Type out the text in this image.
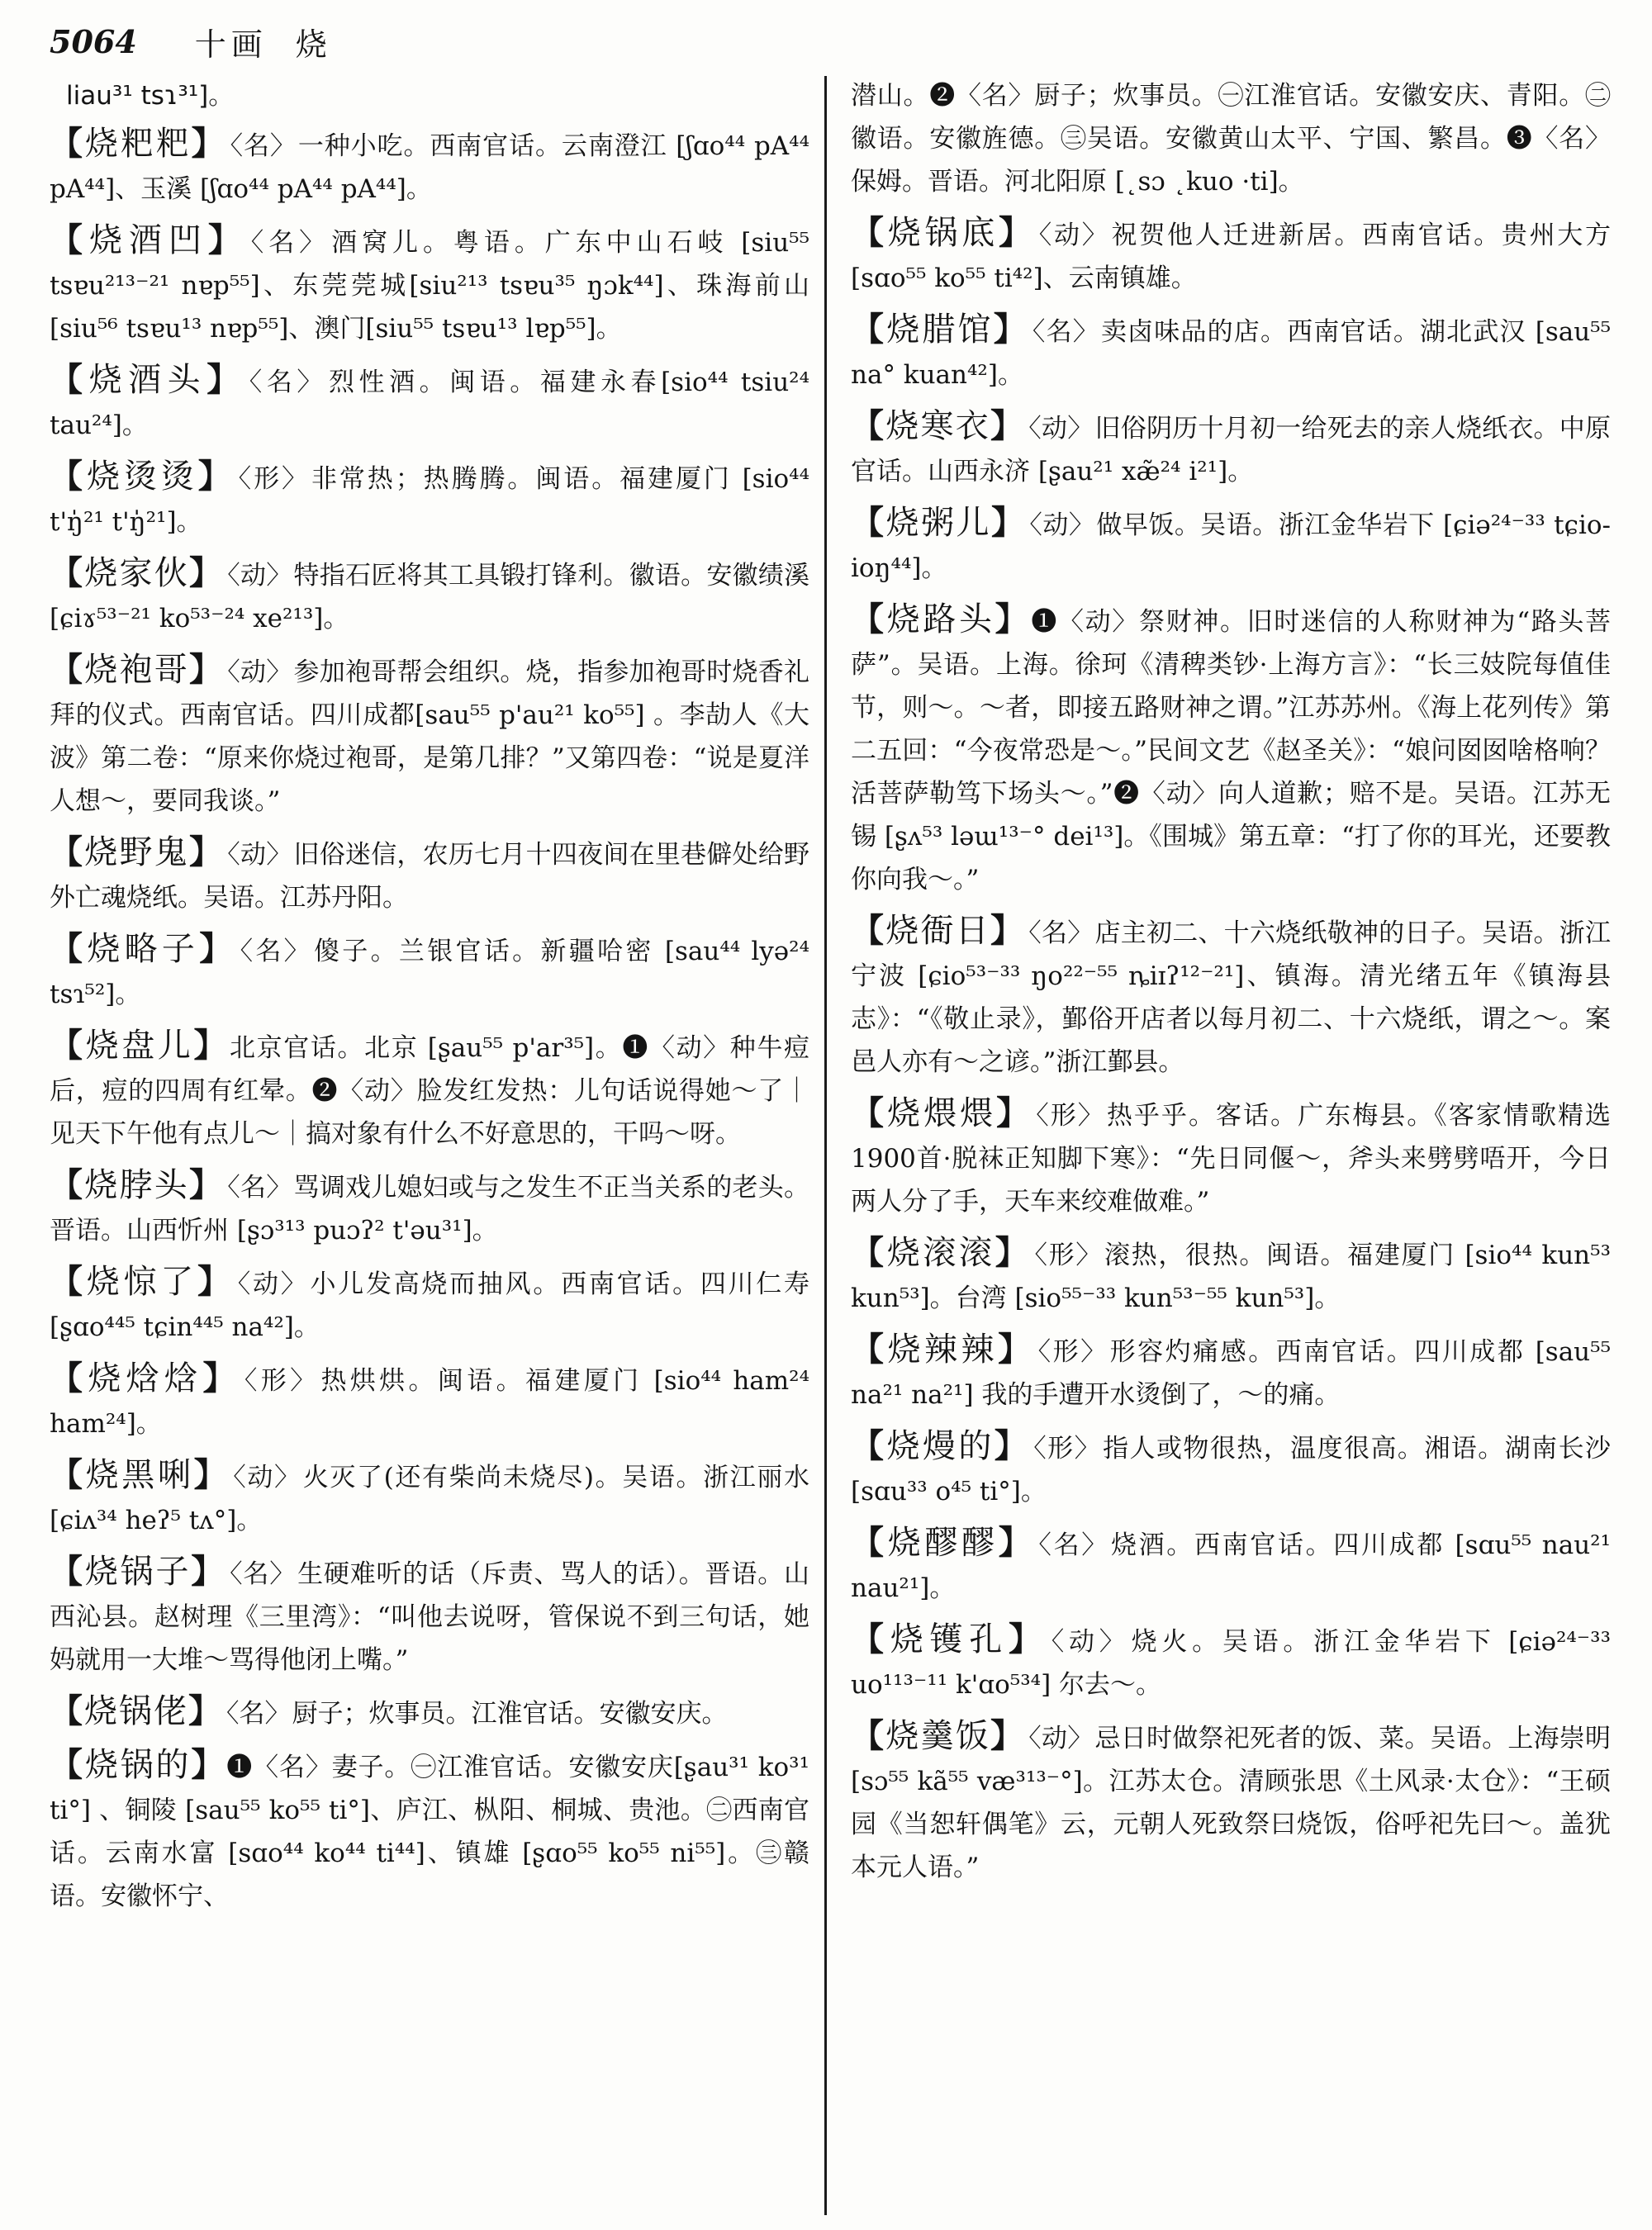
5064 十画 烧

liau³¹ tsɿ³¹]。

【烧粑粑】 〈名〉一种小吃。西南官话。云南澄江 [ʃɑo⁴⁴ pA⁴⁴ pA⁴⁴]、玉溪 [ʃɑo⁴⁴ pA⁴⁴ pA⁴⁴]。

【烧酒凹】 〈名〉酒窝儿。粤语。广东中山石岐 [siu⁵⁵ tsɐu²¹³⁻²¹ nɐp⁵⁵]、东莞莞城[siu²¹³ tsɐu³⁵ ŋɔk⁴⁴]、珠海前山 [siu⁵⁶ tsɐu¹³ nɐp⁵⁵]、澳门[siu⁵⁵ tsɐu¹³ lɐp⁵⁵]。

【烧酒头】 〈名〉烈性酒。闽语。福建永春[sio⁴⁴ tsiu²⁴ tau²⁴]。

【烧烫烫】 〈形〉非常热；热腾腾。闽语。福建厦门 [sio⁴⁴ t'ŋ̍²¹ t'ŋ̍²¹]。

【烧家伙】 〈动〉特指石匠将其工具锻打锋利。徽语。安徽绩溪 [ɕiɤ⁵³⁻²¹ ko⁵³⁻²⁴ xe²¹³]。

【烧袍哥】 〈动〉参加袍哥帮会组织。烧，指参加袍哥时烧香礼拜的仪式。西南官话。四川成都[sau⁵⁵ p'au²¹ ko⁵⁵] 。李劼人《大波》第二卷：“原来你烧过袍哥，是第几排？”又第四卷：“说是夏洋人想～，要同我谈。”

【烧野鬼】 〈动〉旧俗迷信，农历七月十四夜间在里巷僻处给野外亡魂烧纸。吴语。江苏丹阳。

【烧略子】 〈名〉傻子。兰银官话。新疆哈密 [sau⁴⁴ lyə²⁴ tsɿ⁵²]。

【烧盘儿】北京官话。北京 [ʂau⁵⁵ p'ar³⁵]。❶〈动〉种牛痘后，痘的四周有红晕。❷〈动〉脸发红发热：儿句话说得她～了｜见天下午他有点儿～｜搞对象有什么不好意思的，干吗～呀。

【烧脖头】 〈名〉骂调戏儿媳妇或与之发生不正当关系的老头。晋语。山西忻州 [ʂɔ³¹³ puɔʔ² t'əu³¹]。

【烧惊了】 〈动〉小儿发高烧而抽风。西南官话。四川仁寿 [ʂɑo⁴⁴⁵ tɕin⁴⁴⁵ na⁴²]。

【烧焓焓】 〈形〉热烘烘。闽语。福建厦门 [sio⁴⁴ ham²⁴ ham²⁴]。

【烧黑唎】 〈动〉火灭了(还有柴尚未烧尽)。吴语。浙江丽水 [ɕiʌ³⁴ heʔ⁵ tʌ°]。

【烧锅子】 〈名〉生硬难听的话（斥责、骂人的话）。晋语。山西沁县。赵树理《三里湾》：“叫他去说呀，管保说不到三句话，她妈就用一大堆～骂得他闭上嘴。”

【烧锅佬】 〈名〉厨子；炊事员。江淮官话。安徽安庆。

【烧锅的】❶〈名〉妻子。㊀江淮官话。安徽安庆[ʂau³¹ ko³¹ ti°] 、铜陵 [sau⁵⁵ ko⁵⁵ ti°]、庐江、枞阳、桐城、贵池。㊁西南官话。云南水富 [sɑo⁴⁴ ko⁴⁴ ti⁴⁴]、镇雄 [ʂɑo⁵⁵ ko⁵⁵ ni⁵⁵]。㊂赣语。安徽怀宁、

潜山。❷〈名〉厨子；炊事员。㊀江淮官话。安徽安庆、青阳。㊁徽语。安徽旌德。㊂吴语。安徽黄山太平、宁国、繁昌。❸〈名〉保姆。晋语。河北阳原 [˛sɔ ˛kuo ·ti]。

【烧锅底】 〈动〉祝贺他人迁进新居。西南官话。贵州大方 [sɑo⁵⁵ ko⁵⁵ ti⁴²]、云南镇雄。

【烧腊馆】 〈名〉卖卤味品的店。西南官话。湖北武汉 [sau⁵⁵ na° kuan⁴²]。

【烧寒衣】 〈动〉旧俗阴历十月初一给死去的亲人烧纸衣。中原官话。山西永济 [ʂau²¹ xæ̃²⁴ i²¹]。

【烧粥儿】 〈动〉做早饭。吴语。浙江金华岩下 [ɕiə²⁴⁻³³ tɕio-ioŋ⁴⁴]。

【烧路头】❶〈动〉祭财神。旧时迷信的人称财神为“路头菩萨”。吴语。上海。徐珂《清稗类钞·上海方言》：“长三妓院每值佳节，则～。～者，即接五路财神之谓。”江苏苏州。《海上花列传》第二五回：“今夜常恐是～。”民间文艺《赵圣关》：“娘问囡囡啥格响？活菩萨勒笃下场头～。”❷〈动〉向人道歉；赔不是。吴语。江苏无锡 [ʂʌ⁵³ ləɯ¹³⁻° dei¹³]。《围城》第五章：“打了你的耳光，还要教你向我～。”

【烧衙日】 〈名〉店主初二、十六烧纸敬神的日子。吴语。浙江宁波 [ɕio⁵³⁻³³ ŋo²²⁻⁵⁵ ȵiɪʔ¹²⁻²¹]、镇海。清光绪五年《镇海县志》：“《敬止录》，鄞俗开店者以每月初二、十六烧纸，谓之～。案邑人亦有～之谚。”浙江鄞县。

【烧煨煨】 〈形〉热乎乎。客话。广东梅县。《客家情歌精选1900首·脱袜正知脚下寒》：“先日同偃～，斧头来劈劈唔开，今日两人分了手，天车来绞难做难。”

【烧滚滚】 〈形〉滚热，很热。闽语。福建厦门 [sio⁴⁴ kun⁵³ kun⁵³]。台湾 [sio⁵⁵⁻³³ kun⁵³⁻⁵⁵ kun⁵³]。

【烧辣辣】 〈形〉形容灼痛感。西南官话。四川成都 [sau⁵⁵ na²¹ na²¹] 我的手遭开水烫倒了，～的痛。

【烧熳的】 〈形〉指人或物很热，温度很高。湘语。湖南长沙 [sɑu³³ o⁴⁵ ti°]。

【烧醪醪】 〈名〉烧酒。西南官话。四川成都 [sɑu⁵⁵ nau²¹ nau²¹]。

【烧镬孔】 〈动〉烧火。吴语。浙江金华岩下 [ɕiə²⁴⁻³³ uo¹¹³⁻¹¹ k'ɑo⁵³⁴] 尔去～。

【烧羹饭】 〈动〉忌日时做祭祀死者的饭、菜。吴语。上海崇明 [sɔ⁵⁵ kã⁵⁵ væ³¹³⁻°]。江苏太仓。清顾张思《土风录·太仓》：“王硕园《当恕轩偶笔》云，元朝人死致祭曰烧饭，俗呼祀先曰～。盖犹本元人语。”
